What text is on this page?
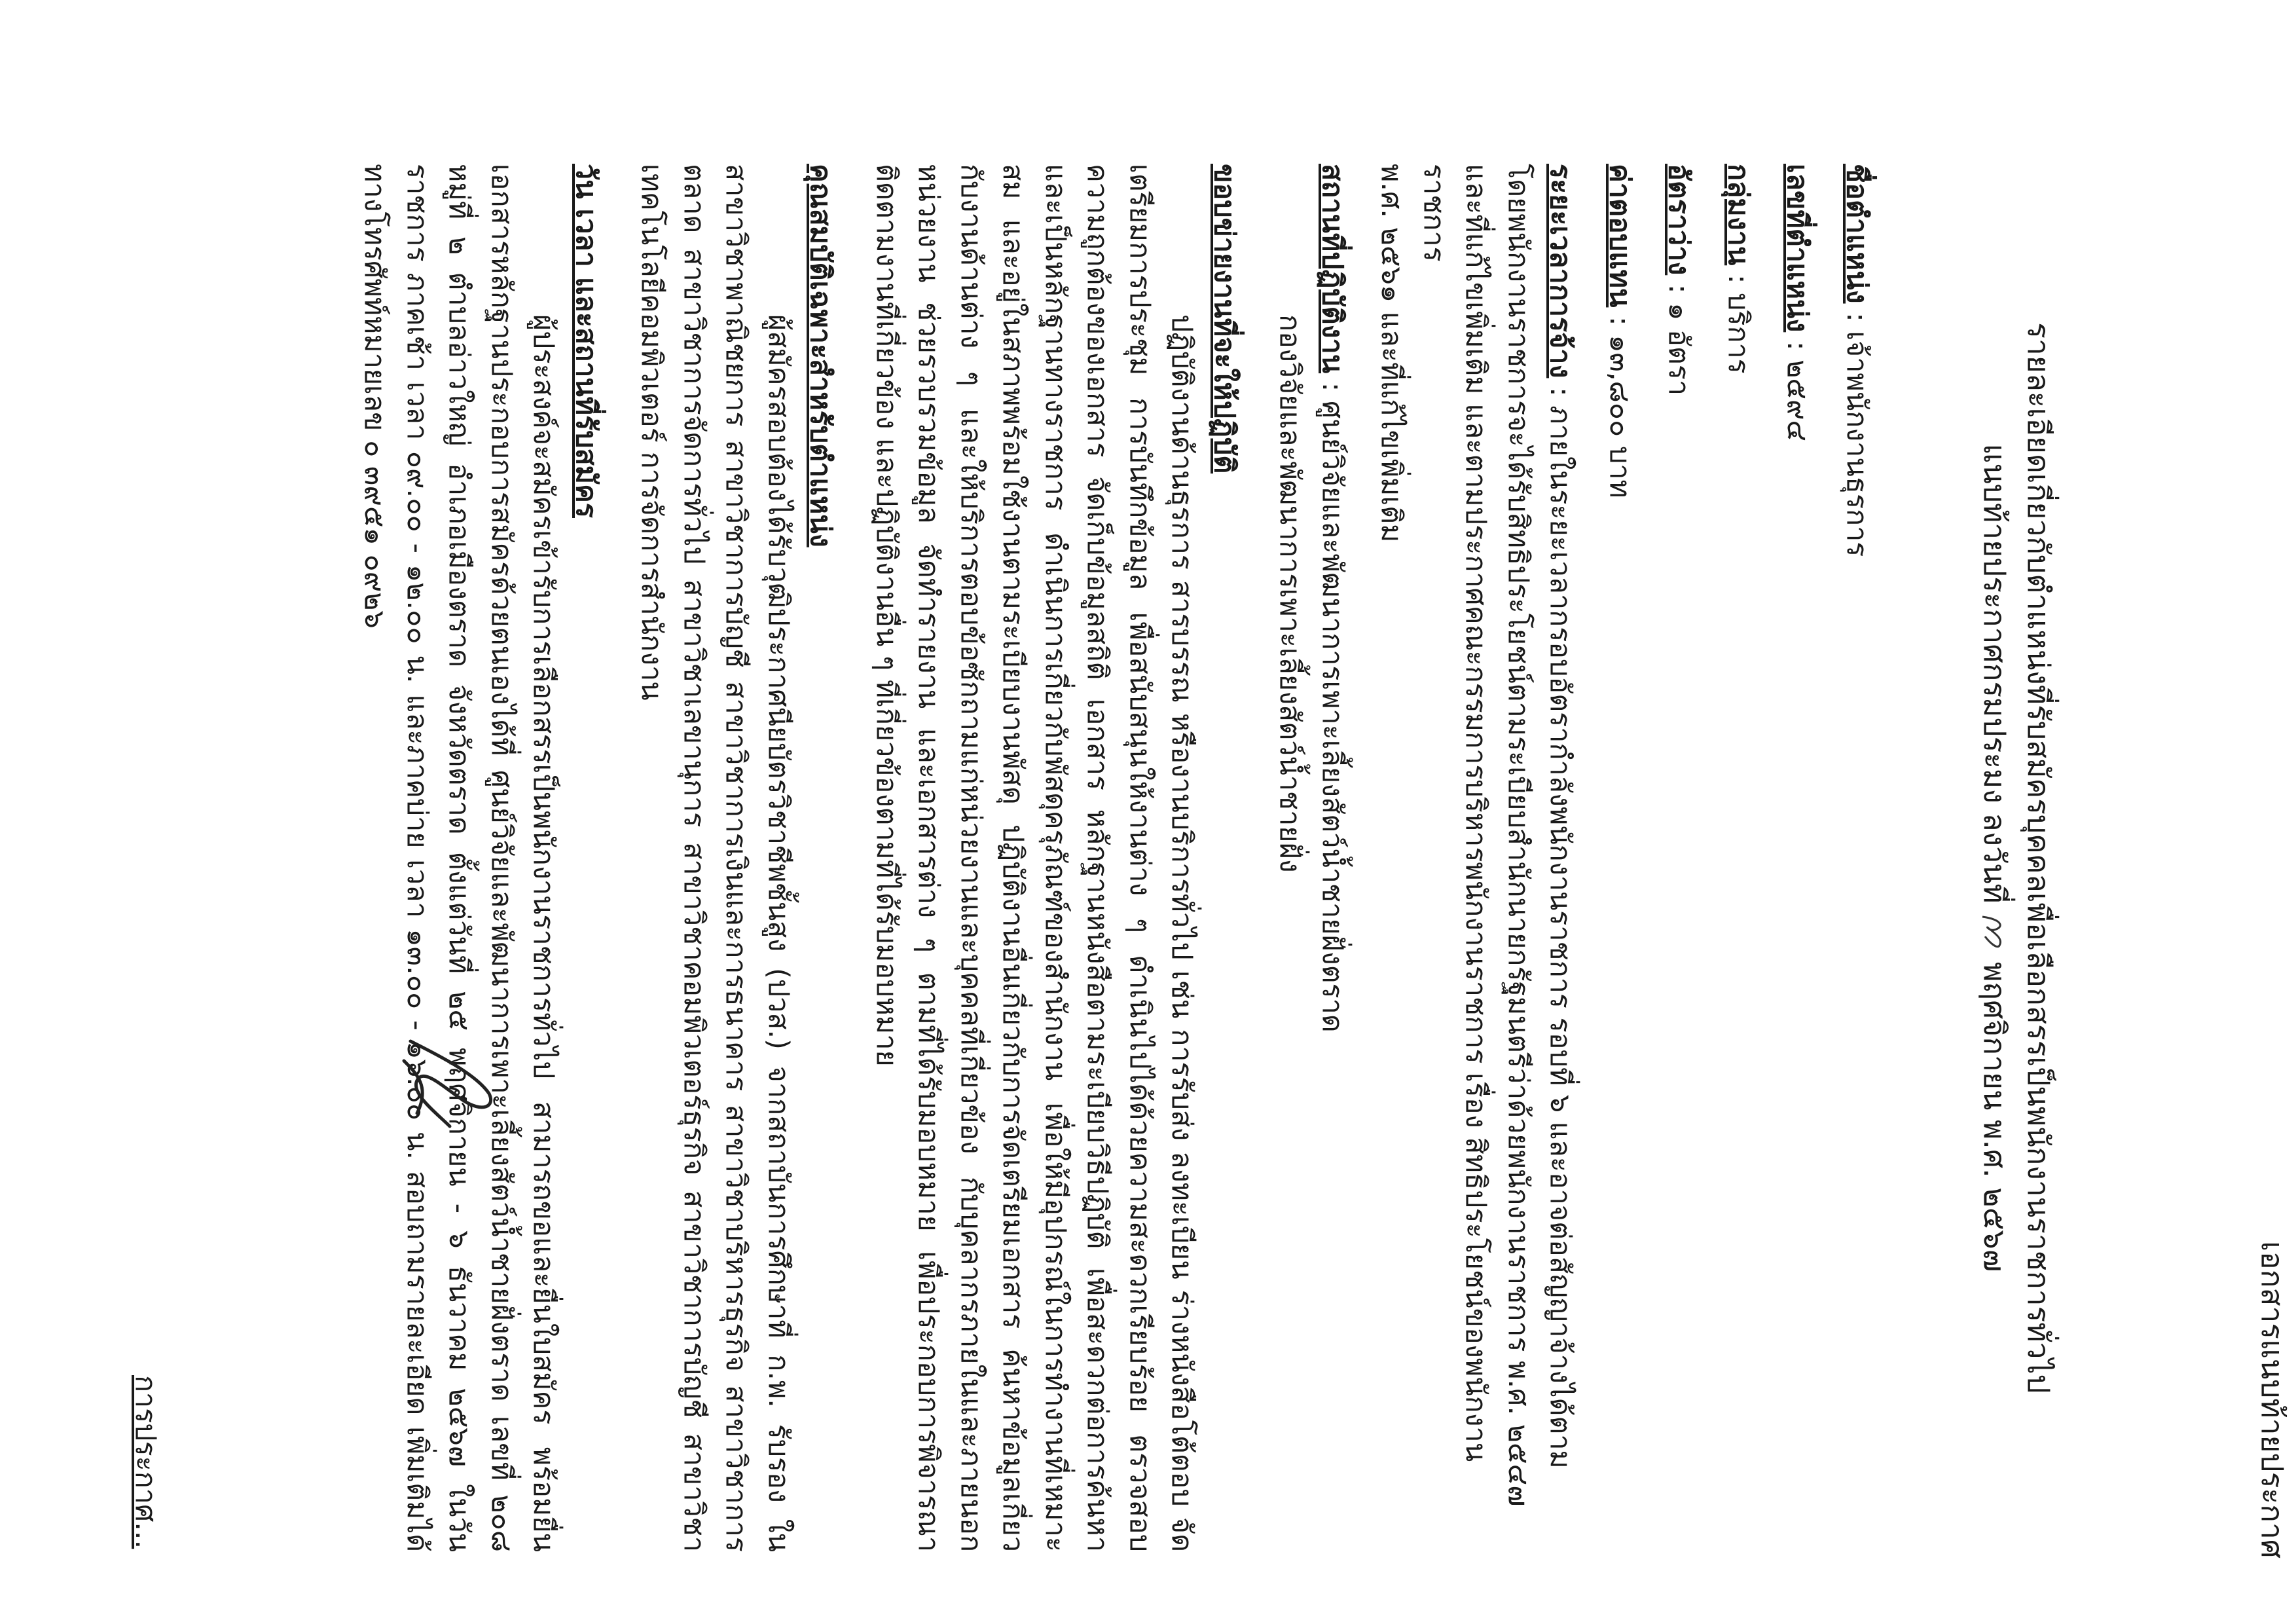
เอกสารแนบท้ายประกาศ
รายละเอียดเกี่ยวกับตำแหน่งที่รับสมัครบุคคลเพื่อเลือกสรรเป็นพนักงานราชการทั่วไป
แนบท้ายประกาศกรมประมง ลงวันที่  พฤศจิกายน พ.ศ. ๒๕๖๗
ชื่อตำแหน่ง : เจ้าพนักงานธุรการ
เลขที่ตำแหน่ง : ๒๕๙๔
กลุ่มงาน : บริการ
อัตราว่าง : ๑ อัตรา
ค่าตอบแทน : ๑๓,๘๐๐ บาท
ระยะเวลาการจ้าง : ภายในระยะเวลากรอบอัตรากำลังพนักงานราชการ รอบที่ ๖ และอาจต่อสัญญาจ้างได้ตาม
โดยพนักงานราชการจะได้รับสิทธิประโยชน์ตามระเบียบสำนักนายกรัฐมนตรีว่าด้วยพนักงานราชการ พ.ศ. ๒๕๔๗
และที่แก้ไขเพิ่มเติม และตามประกาศคณะกรรมการบริหารพนักงานราชการ เรื่อง สิทธิประโยชน์ของพนักงานราชการ
พ.ศ. ๒๕๖๑ และที่แก้ไขเพิ่มเติม
สถานที่ปฏิบัติงาน : ศูนย์วิจัยและพัฒนาการเพาะเลี้ยงสัตว์น้ำชายฝั่งตราด
กองวิจัยและพัฒนาการเพาะเลี้ยงสัตว์น้ำชายฝั่ง
ขอบข่ายงานที่จะให้ปฏิบัติ
ปฏิบัติงานด้านธุรการ สารบรรณ หรืองานบริการทั่วไป เช่น การรับส่ง ลงทะเบียน ร่างหนังสือโต้ตอบ จัดเตรียมการประชุม การบันทึกข้อมูล เพื่อสนับสนุนให้งานต่าง ๆ ดำเนินไปได้ด้วยความสะดวกเรียบร้อย ตรวจสอบความถูกต้องของเอกสาร จัดเก็บข้อมูลสถิติ เอกสาร หลักฐานหนังสือตามระเบียบวิธีปฏิบัติ เพื่อสะดวกต่อการค้นหา และเป็นหลักฐานทางราชการ ดำเนินการเกี่ยวกับพัสดุครุภัณฑ์ของสำนักงาน เพื่อให้มีอุปกรณ์ในการทำงานที่เหมาะสม และอยู่ในสภาพพร้อมใช้งานตามระเบียบงานพัสดุ ปฏิบัติงานอื่นเกี่ยวกับการจัดเตรียมเอกสาร ค้นหาข้อมูลเกี่ยวกับงานด้านต่าง ๆ และให้บริการตอบข้อซักถามแก่หน่วยงานและบุคคลที่เกี่ยวข้อง กับบุคลากรภายในและภายนอกหน่วยงาน ช่วยรวบรวมข้อมูล จัดทำรายงาน และเอกสารต่าง ๆ ตามที่ได้รับมอบหมาย เพื่อประกอบการพิจารณา ติดตามงานที่เกี่ยวข้อง และปฏิบัติงานอื่น ๆ ที่เกี่ยวข้องตามที่ได้รับมอบหมาย
คุณสมบัติเฉพาะสำหรับตำแหน่ง
ผู้สมัครสอบต้องได้รับวุฒิประกาศนียบัตรวิชาชีพชั้นสูง (ปวส.) จากสถาบันการศึกษาที่ ก.พ. รับรอง ในสาขาวิชาพาณิชยการ สาขาวิชาการบัญชี สาขาวิชาการเงินและการธนาคาร สาขาวิชาบริหารธุรกิจ สาขาวิชาการตลาด สาขาวิชาการจัดการทั่วไป สาขาวิชาเลขานุการ สาขาวิชาคอมพิวเตอร์ธุรกิจ สาขาวิชาการบัญชี สาขาวิชาเทคโนโลยีคอมพิวเตอร์ การจัดการสำนักงาน
วัน เวลา และสถานที่รับสมัคร
ผู้ประสงค์จะสมัครเข้ารับการเลือกสรรเป็นพนักงานราชการทั่วไป สามารถขอและยื่นใบสมัคร พร้อมยื่นเอกสารหลักฐานประกอบการสมัครด้วยตนเองได้ที่ ศูนย์วิจัยและพัฒนาการเพาะเลี้ยงสัตว์น้ำชายฝั่งตราด เลขที่ ๒๐๘ หมู่ที่ ๒ ตำบลอ่าวใหญ่ อำเภอเมืองตราด จังหวัดตราด ตั้งแต่วันที่ ๒๕ พฤศจิกายน - ๖ ธันวาคม ๒๕๖๗ ในวันราชการ ภาคเช้า เวลา ๐๙.๐๐ - ๑๒.๐๐ น. และภาคบ่าย เวลา ๑๓.๐๐ - ๑๖.๐๐ น. สอบถามรายละเอียด เพิ่มเติมได้ทางโทรศัพท์หมายเลข ๐ ๓๙๕๑ ๐๙๒๖
การประกาศ...
